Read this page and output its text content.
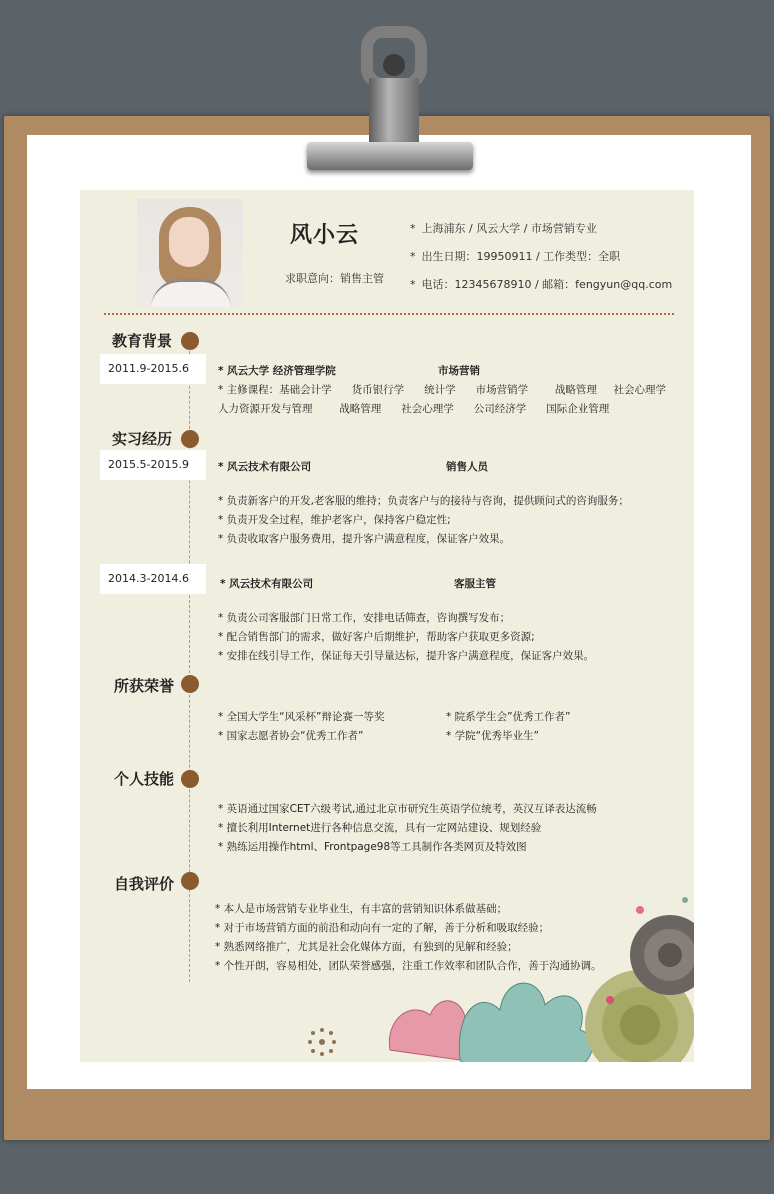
风小云
求职意向：销售主管
* 上海浦东 / 风云大学 / 市场营销专业
* 出生日期：19950911 / 工作类型：全职
* 电话：12345678910 / 邮箱：fengyun@qq.com
教育背景
2011.9-2015.6	* 风云大学 经济管理学院	市场营销
* 主修课程：基础会计学      货币银行学      统计学      市场营销学        战略管理     社会心理学
人力资源开发与管理        战略管理      社会心理学      公司经济学      国际企业管理
实习经历
2015.5-2015.9	* 风云技术有限公司	销售人员
* 负责新客户的开发,老客服的维持；负责客户与的接待与咨询，提供顾问式的咨询服务；
* 负责开发全过程，维护老客户，保持客户稳定性;
* 负责收取客户服务费用，提升客户满意程度，保证客户效果。
2014.3-2014.6	* 风云技术有限公司	客服主管
* 负责公司客服部门日常工作，安排电话筛查，咨询撰写发布；
* 配合销售部门的需求，做好客户后期维护，帮助客户获取更多资源;
* 安排在线引导工作，保证每天引导量达标，提升客户满意程度，保证客户效果。
所获荣誉
* 全国大学生“风采杯”辩论赛一等奖	* 院系学生会”优秀工作者”
* 国家志愿者协会“优秀工作者”	* 学院“优秀毕业生”
个人技能
* 英语通过国家CET六级考试,通过北京市研究生英语学位统考，英汉互译表达流畅
* 擅长利用Internet进行各种信息交流，具有一定网站建设、规划经验
* 熟练运用操作html、Frontpage98等工具制作各类网页及特效图
自我评价
* 本人是市场营销专业毕业生，有丰富的营销知识体系做基础；
* 对于市场营销方面的前沿和动向有一定的了解，善于分析和吸取经验；
* 熟悉网络推广，尤其是社会化媒体方面，有独到的见解和经验；
* 个性开朗，容易相处，团队荣誉感强，注重工作效率和团队合作，善于沟通协调。
